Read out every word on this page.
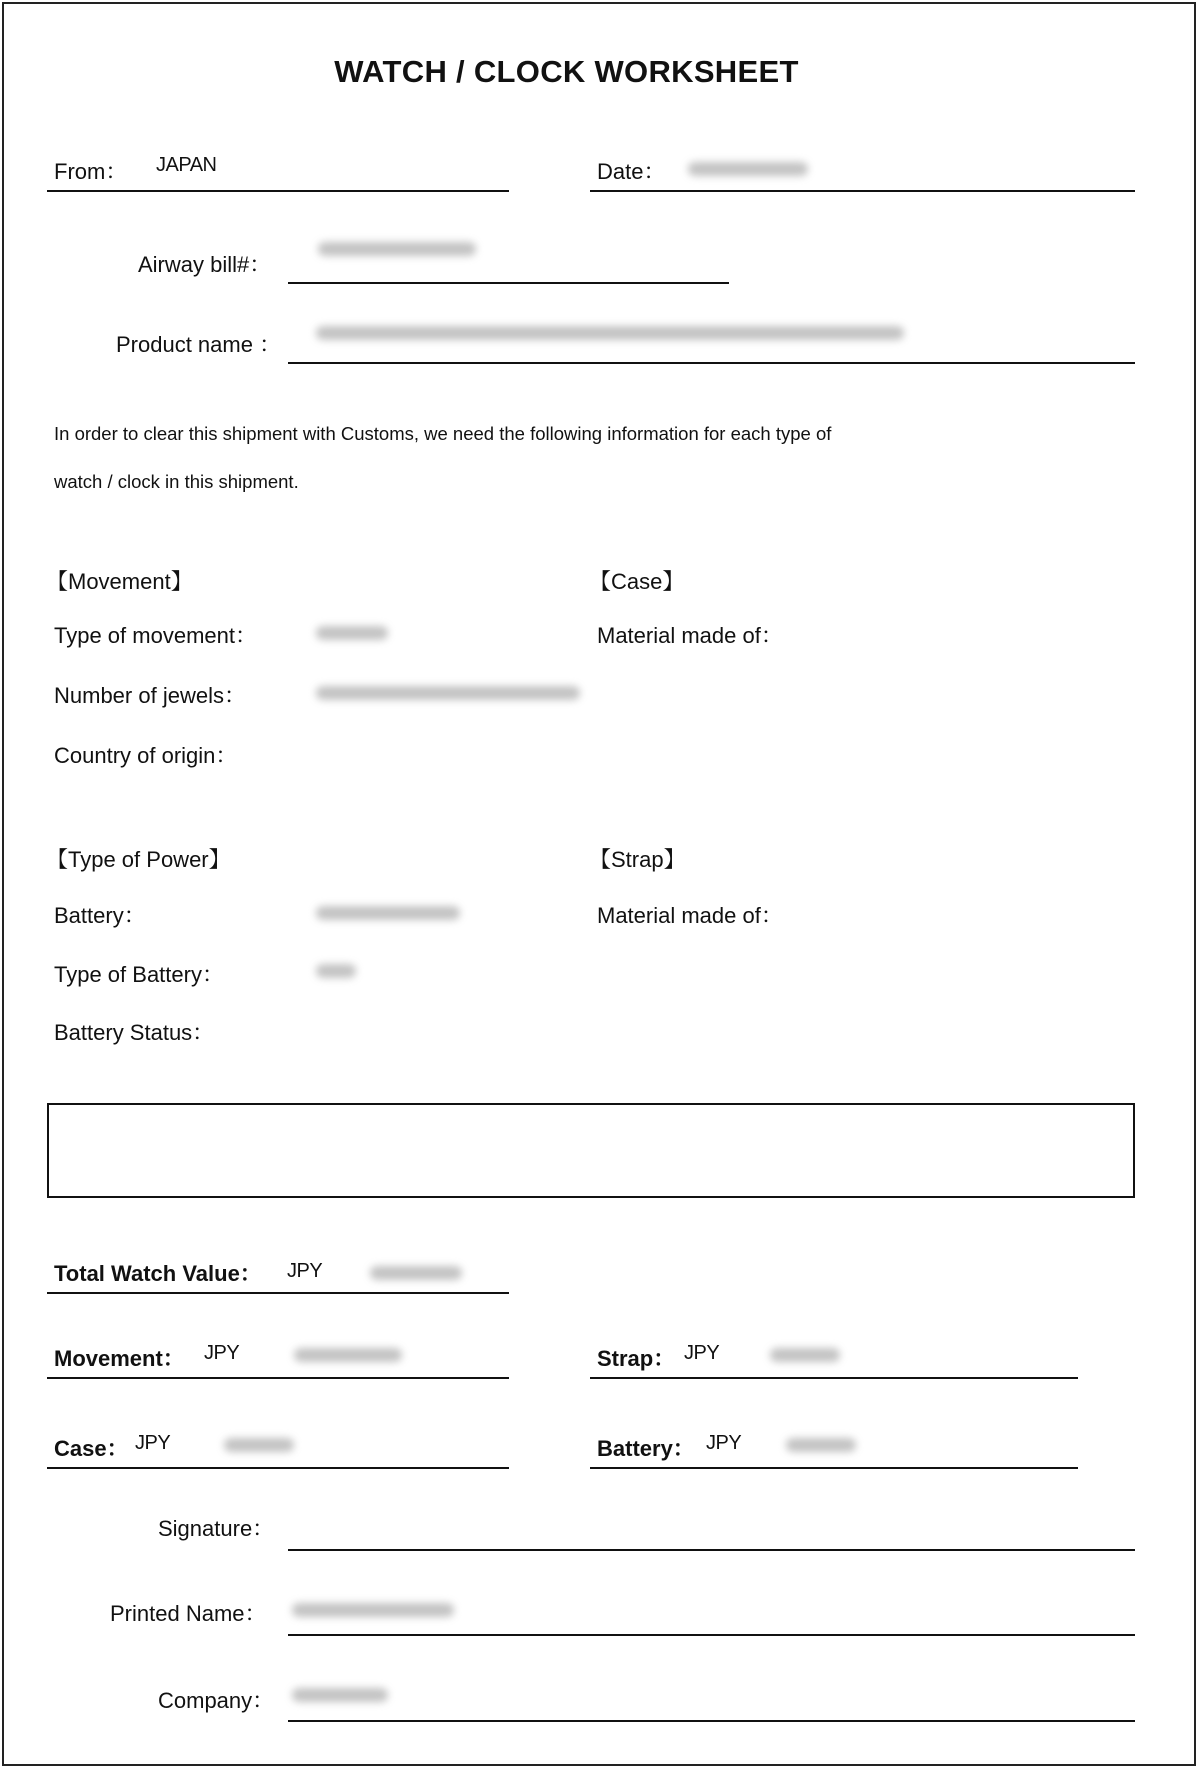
WATCH / CLOCK WORKSHEET
From： JAPAN	Date：
Airway bill#：
Product name ：
In order to clear this shipment with Customs, we need the following information for each type of
watch / clock in this shipment.
【Movement】
Type of movement：
Number of jewels：
Country of origin：
【Case】
Material made of：
【Type of Power】
Battery：
Type of Battery：
Battery Status：
【Strap】
Material made of：
Total Watch Value： JPY
Movement： JPY	Strap： JPY
Case： JPY	Battery： JPY
Signature：
Printed Name：
Company：
